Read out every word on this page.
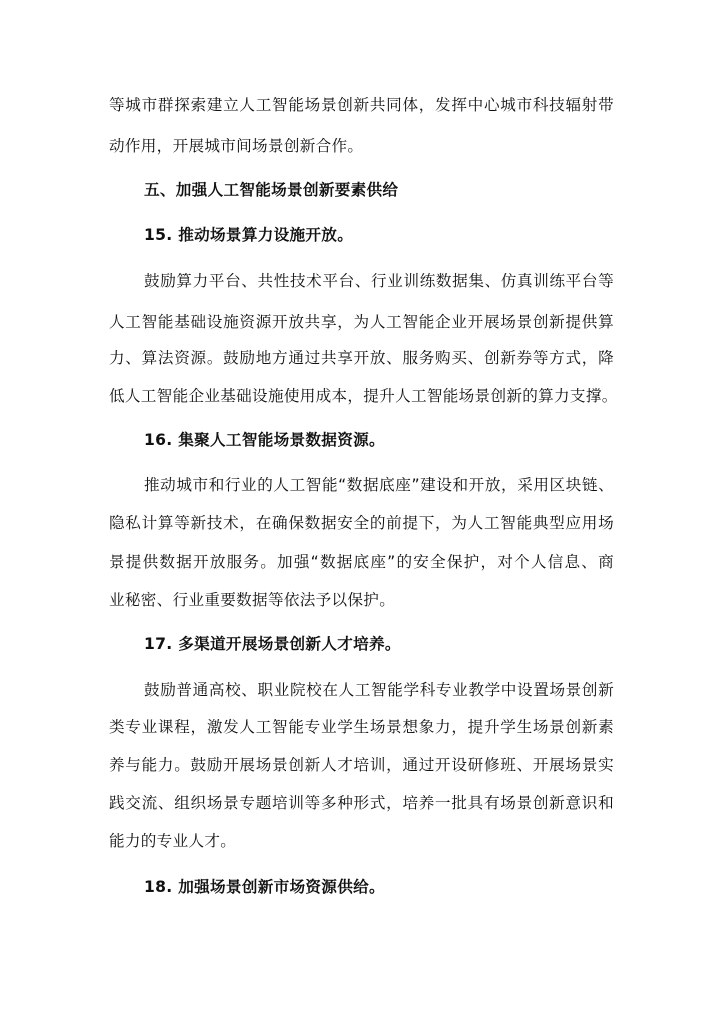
等城市群探索建立人工智能场景创新共同体，发挥中心城市科技辐射带
动作用，开展城市间场景创新合作。
五、加强人工智能场景创新要素供给
15. 推动场景算力设施开放。
鼓励算力平台、共性技术平台、行业训练数据集、仿真训练平台等
人工智能基础设施资源开放共享，为人工智能企业开展场景创新提供算
力、算法资源。鼓励地方通过共享开放、服务购买、创新券等方式，降
低人工智能企业基础设施使用成本，提升人工智能场景创新的算力支撑。
16. 集聚人工智能场景数据资源。
推动城市和行业的人工智能“数据底座”建设和开放，采用区块链、
隐私计算等新技术，在确保数据安全的前提下，为人工智能典型应用场
景提供数据开放服务。加强“数据底座”的安全保护，对个人信息、商
业秘密、行业重要数据等依法予以保护。
17. 多渠道开展场景创新人才培养。
鼓励普通高校、职业院校在人工智能学科专业教学中设置场景创新
类专业课程，激发人工智能专业学生场景想象力，提升学生场景创新素
养与能力。鼓励开展场景创新人才培训，通过开设研修班、开展场景实
践交流、组织场景专题培训等多种形式，培养一批具有场景创新意识和
能力的专业人才。
18. 加强场景创新市场资源供给。
